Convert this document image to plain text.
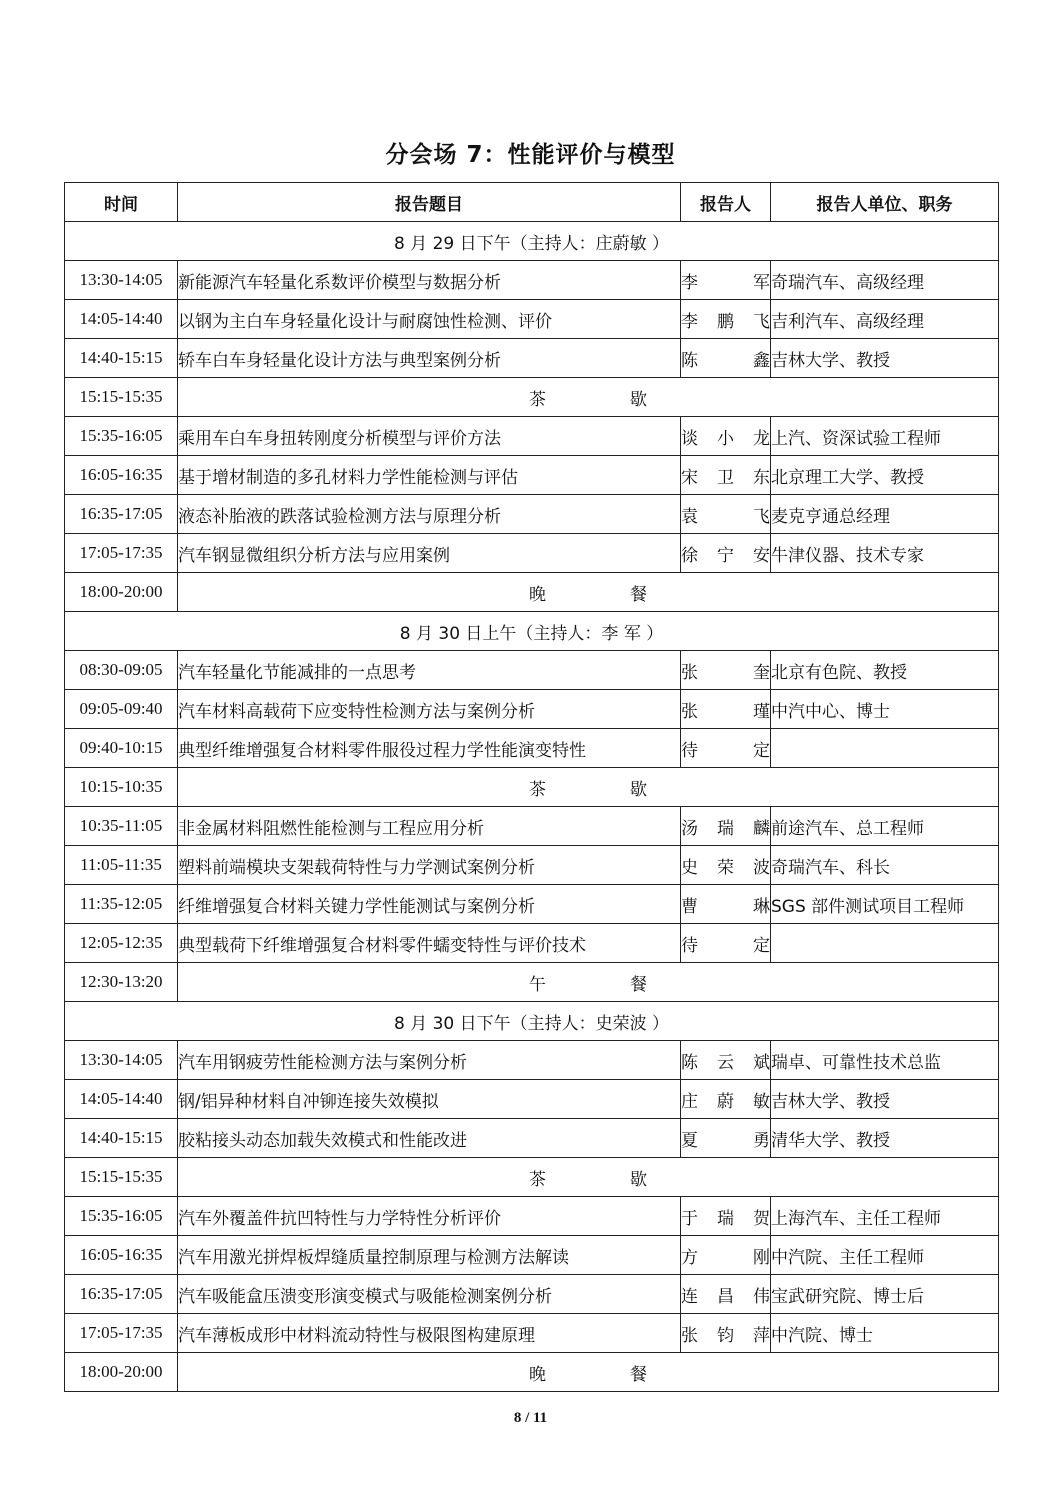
分会场 7：性能评价与模型
时间	报告题目	报告人	报告人单位、职务
8 月 29 日下午（主持人：庄蔚敏 ）			
13:30-14:05	新能源汽车轻量化系数评价模型与数据分析	李军	奇瑞汽车、高级经理
14:05-14:40	以钢为主白车身轻量化设计与耐腐蚀性检测、评价	李鹏飞	吉利汽车、高级经理
14:40-15:15	轿车白车身轻量化设计方法与典型案例分析	陈鑫	吉林大学、教授
15:15-15:35	茶歇		
15:35-16:05	乘用车白车身扭转刚度分析模型与评价方法	谈小龙	上汽、资深试验工程师
16:05-16:35	基于增材制造的多孔材料力学性能检测与评估	宋卫东	北京理工大学、教授
16:35-17:05	液态补胎液的跌落试验检测方法与原理分析	袁飞	麦克亨通总经理
17:05-17:35	汽车钢显微组织分析方法与应用案例	徐宁安	牛津仪器、技术专家
18:00-20:00	晚餐		
8 月 30 日上午（主持人：李 军 ）			
08:30-09:05	汽车轻量化节能减排的一点思考	张奎	北京有色院、教授
09:05-09:40	汽车材料高载荷下应变特性检测方法与案例分析	张瑾	中汽中心、博士
09:40-10:15	典型纤维增强复合材料零件服役过程力学性能演变特性	待定	

10:15-10:35	茶歇		
10:35-11:05	非金属材料阻燃性能检测与工程应用分析	汤瑞麟	前途汽车、总工程师
11:05-11:35	塑料前端模块支架载荷特性与力学测试案例分析	史荣波	奇瑞汽车、科长
11:35-12:05	纤维增强复合材料关键力学性能测试与案例分析	曹琳	SGS 部件测试项目工程师
12:05-12:35	典型载荷下纤维增强复合材料零件蠕变特性与评价技术	待定	

12:30-13:20	午餐		
8 月 30 日下午（主持人：史荣波 ）			
13:30-14:05	汽车用钢疲劳性能检测方法与案例分析	陈云斌	瑞卓、可靠性技术总监
14:05-14:40	钢/铝异种材料自冲铆连接失效模拟	庄蔚敏	吉林大学、教授
14:40-15:15	胶粘接头动态加载失效模式和性能改进	夏勇	清华大学、教授
15:15-15:35	茶歇		
15:35-16:05	汽车外覆盖件抗凹特性与力学特性分析评价	于瑞贺	上海汽车、主任工程师
16:05-16:35	汽车用激光拼焊板焊缝质量控制原理与检测方法解读	方刚	中汽院、主任工程师
16:35-17:05	汽车吸能盒压溃变形演变模式与吸能检测案例分析	连昌伟	宝武研究院、博士后
17:05-17:35	汽车薄板成形中材料流动特性与极限图构建原理	张钧萍	中汽院、博士
18:00-20:00	晚餐		
8 / 11
